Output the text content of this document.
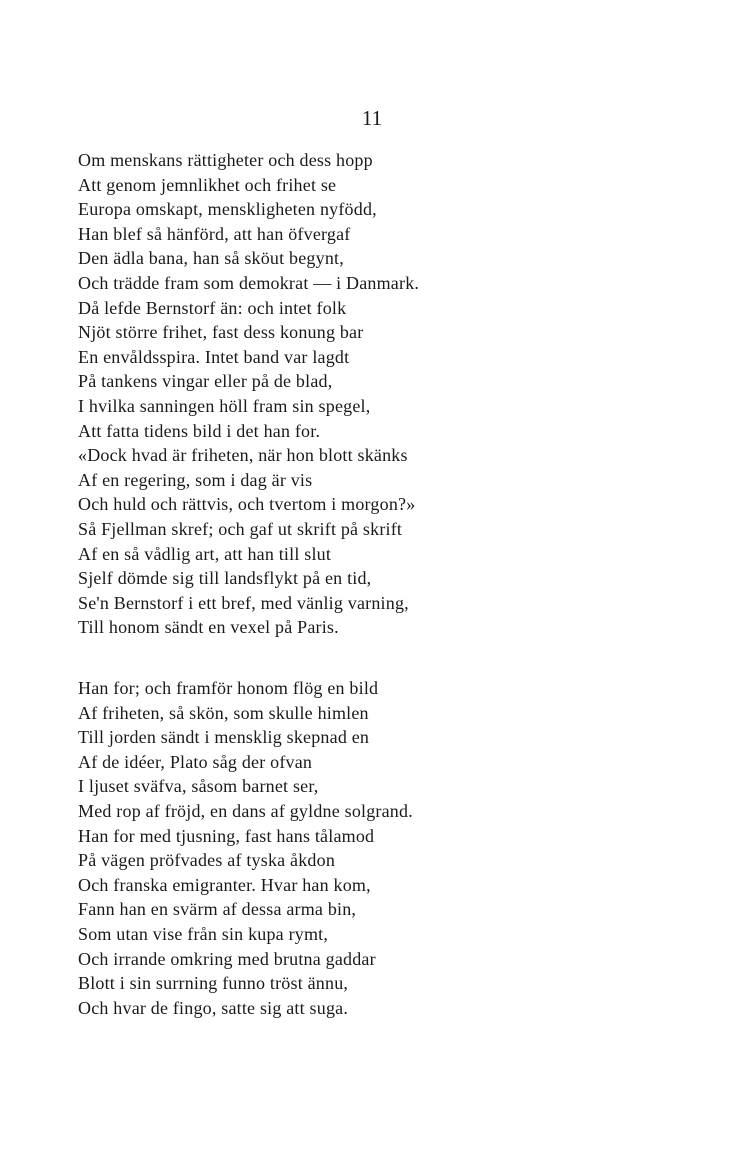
11
Om menskans rättigheter och dess hopp
Att genom jemnlikhet och frihet se
Europa omskapt, menskligheten nyfödd,
Han blef så hänförd, att han öfvergaf
Den ädla bana, han så sköut begynt,
Och trädde fram som demokrat — i Danmark.
Då lefde Bernstorf än: och intet folk
Njöt större frihet, fast dess konung bar
En envåldsspira. Intet band var lagdt
På tankens vingar eller på de blad,
I hvilka sanningen höll fram sin spegel,
Att fatta tidens bild i det han for.
«Dock hvad är friheten, när hon blott skänks
Af en regering, som i dag är vis
Och huld och rättvis, och tvertom i morgon?»
Så Fjellman skref; och gaf ut skrift på skrift
Af en så vådlig art, att han till slut
Sjelf dömde sig till landsflykt på en tid,
Se'n Bernstorf i ett bref, med vänlig varning,
Till honom sändt en vexel på Paris.
Han for; och framför honom flög en bild
Af friheten, så skön, som skulle himlen
Till jorden sändt i mensklig skepnad en
Af de idéer, Plato såg der ofvan
I ljuset sväfva, såsom barnet ser,
Med rop af fröjd, en dans af gyldne solgrand.
Han for med tjusning, fast hans tålamod
På vägen pröfvades af tyska åkdon
Och franska emigranter. Hvar han kom,
Fann han en svärm af dessa arma bin,
Som utan vise från sin kupa rymt,
Och irrande omkring med brutna gaddar
Blott i sin surrning funno tröst ännu,
Och hvar de fingo, satte sig att suga.
